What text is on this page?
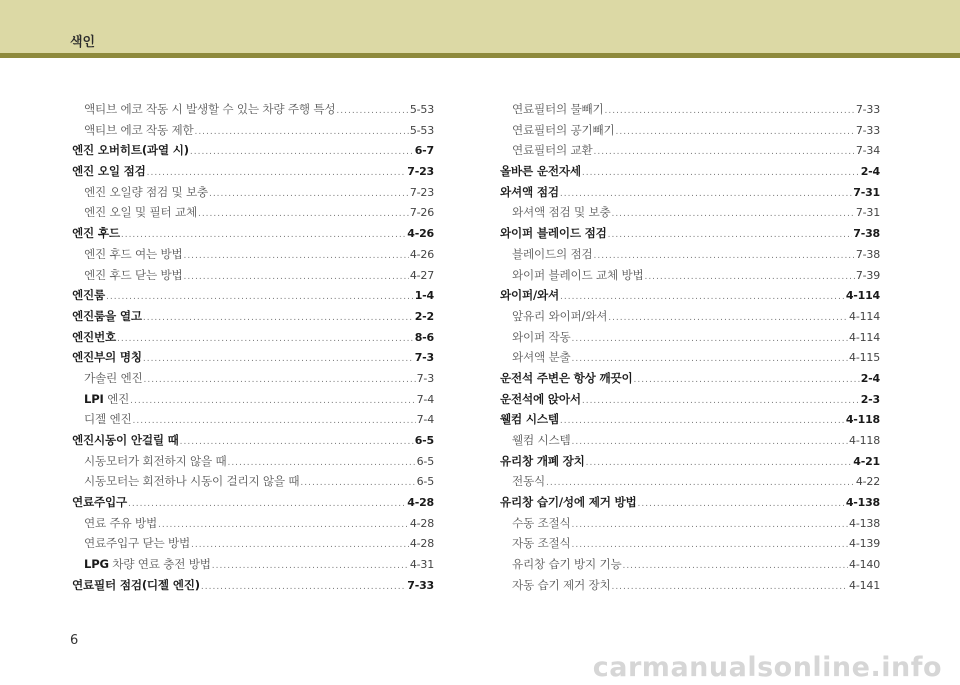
색인
액티브 에코 작동 시 발생할 수 있는 차량 주행 특성 .....	5-53
액티브 에코 작동 제한 .....	5-53
엔진 오버히트(과열 시) .....	6-7
엔진 오일 점검 .....	7-23
엔진 오일량 점검 및 보충 .....	7-23
엔진 오일 및 필터 교체 .....	7-26
엔진 후드 .....	4-26
엔진 후드 여는 방법 .....	4-26
엔진 후드 닫는 방법 .....	4-27
엔진룸 .....	1-4
엔진룸을 열고 .....	2-2
엔진번호 .....	8-6
엔진부의 명칭 .....	7-3
가솔린 엔진 .....	7-3
LPI 엔진 .....	7-4
디젤 엔진 .....	7-4
엔진시동이 안걸릴 때 .....	6-5
시동모터가 회전하지 않을 때 .....	6-5
시동모터는 회전하나 시동이 걸리지 않을 때 .....	6-5
연료주입구 .....	4-28
연료 주유 방법 .....	4-28
연료주입구 닫는 방법 .....	4-28
LPG 차량 연료 충전 방법 .....	4-31
연료필터 점검(디젤 엔진) .....	7-33
연료필터의 물빼기 .....	7-33
연료필터의 공기빼기 .....	7-33
연료필터의 교환 .....	7-34
올바른 운전자세 .....	2-4
와셔액 점검 .....	7-31
와셔액 점검 및 보충 .....	7-31
와이퍼 블레이드 점검 .....	7-38
블레이드의 점검 .....	7-38
와이퍼 블레이드 교체 방법 .....	7-39
와이퍼/와셔 .....	4-114
앞유리 와이퍼/와셔 .....	4-114
와이퍼 작동 .....	4-114
와셔액 분출 .....	4-115
운전석 주변은 항상 깨끗이 .....	2-4
운전석에 앉아서 .....	2-3
웰컴 시스템 .....	4-118
웰컴 시스템 .....	4-118
유리창 개폐 장치 .....	4-21
전동식 .....	4-22
유리창 습기/성에 제거 방법 .....	4-138
수동 조절식 .....	4-138
자동 조절식 .....	4-139
유리창 습기 방지 기능 .....	4-140
자동 습기 제거 장치 .....	4-141
6
carmanualsonline.info
